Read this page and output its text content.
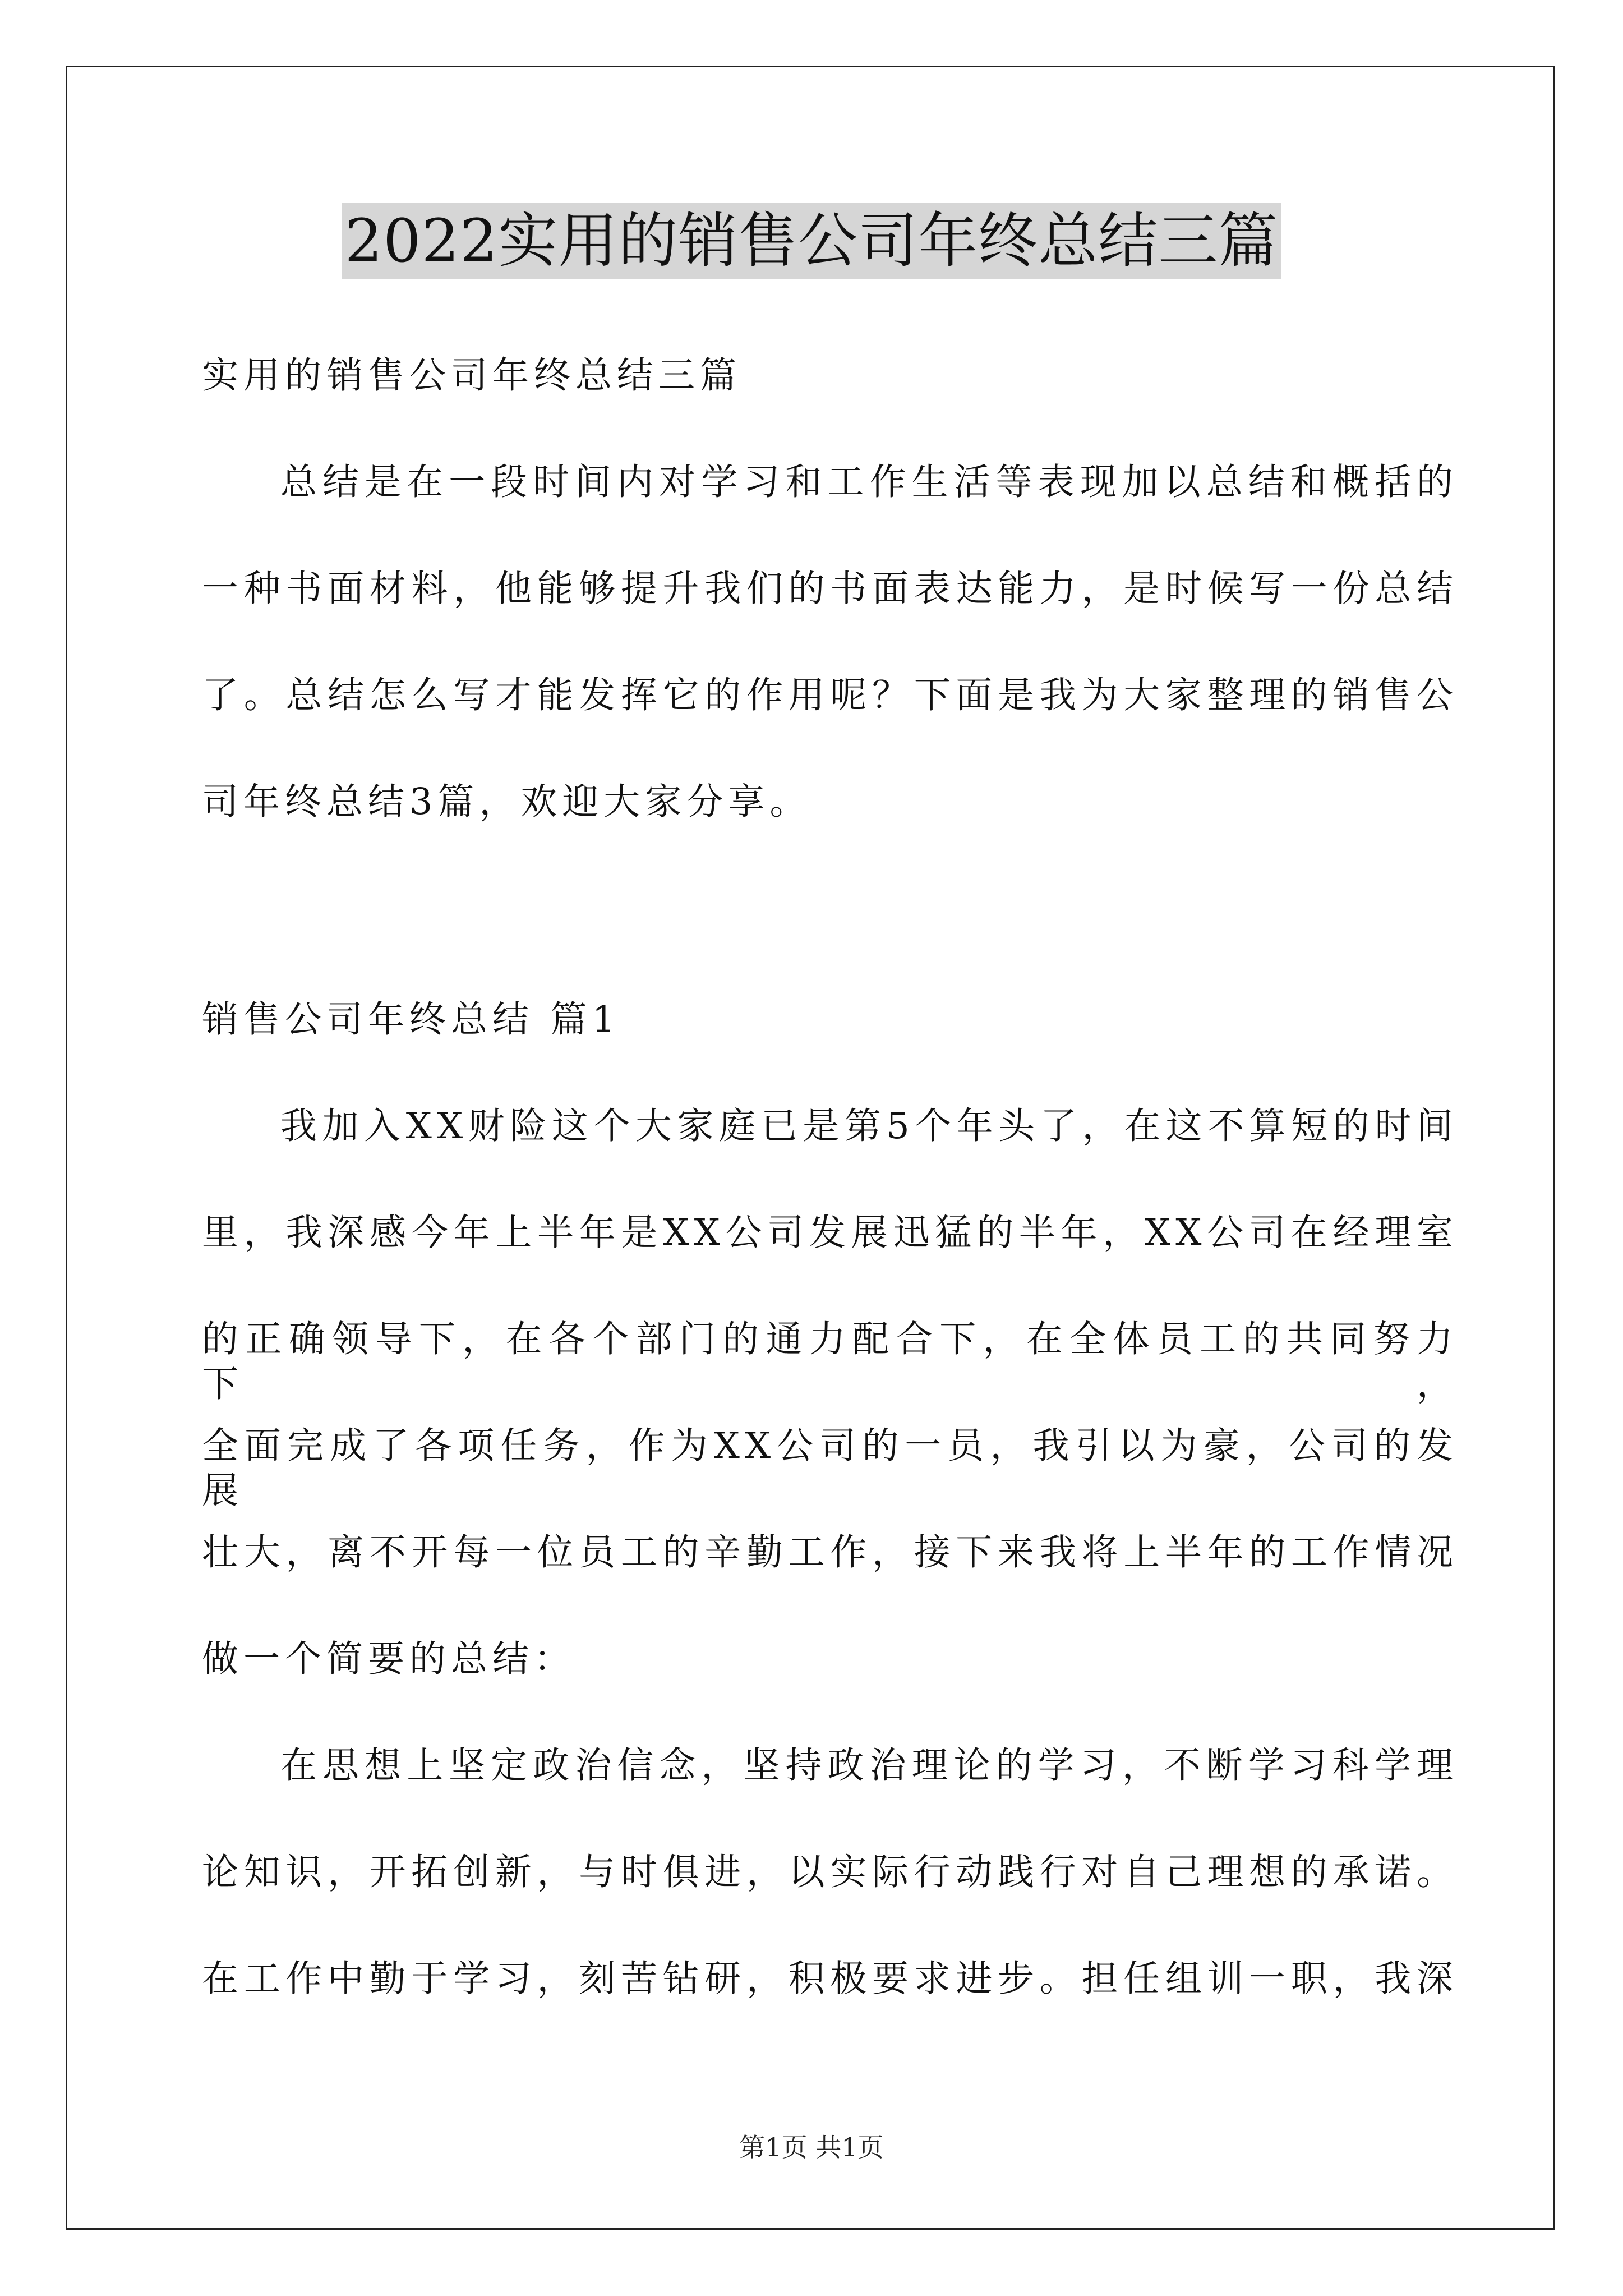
2022实用的销售公司年终总结三篇
实用的销售公司年终总结三篇
总结是在一段时间内对学习和工作生活等表现加以总结和概括的
一种书面材料，他能够提升我们的书面表达能力，是时候写一份总结
了。总结怎么写才能发挥它的作用呢？下面是我为大家整理的销售公
司年终总结3篇，欢迎大家分享。
销售公司年终总结 篇1
我加入XX财险这个大家庭已是第5个年头了，在这不算短的时间
里，我深感今年上半年是XX公司发展迅猛的半年，XX公司在经理室
的正确领导下，在各个部门的通力配合下，在全体员工的共同努力下，
全面完成了各项任务，作为XX公司的一员，我引以为豪，公司的发展
壮大，离不开每一位员工的辛勤工作，接下来我将上半年的工作情况
做一个简要的总结：
在思想上坚定政治信念，坚持政治理论的学习，不断学习科学理
论知识，开拓创新，与时俱进，以实际行动践行对自己理想的承诺。
在工作中勤于学习，刻苦钻研，积极要求进步。担任组训一职，我深
第1页 共1页
